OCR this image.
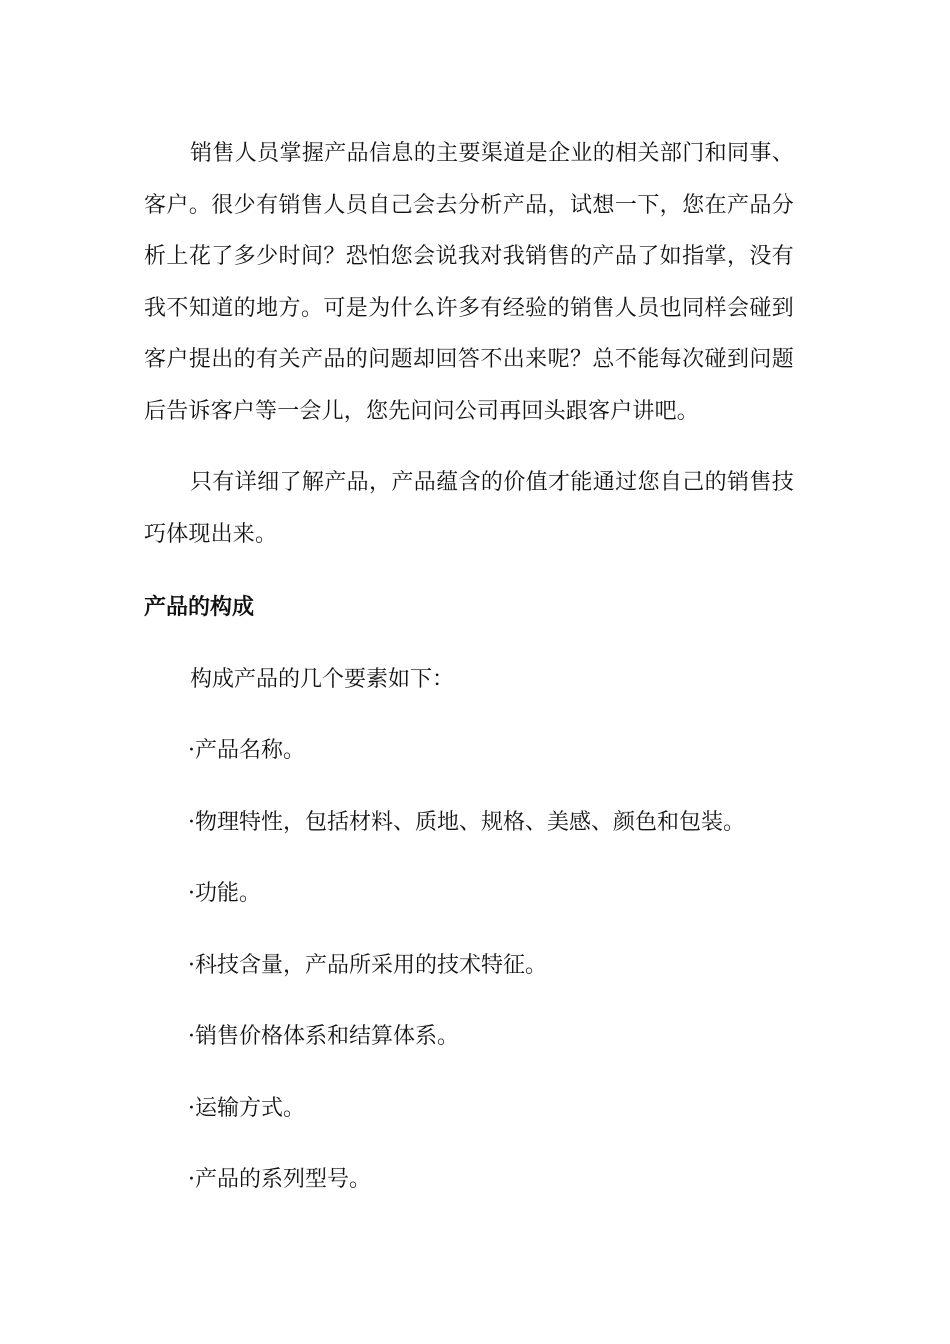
销售人员掌握产品信息的主要渠道是企业的相关部门和同事、客户。很少有销售人员自己会去分析产品，试想一下，您在产品分析上花了多少时间？恐怕您会说我对我销售的产品了如指掌，没有我不知道的地方。可是为什么许多有经验的销售人员也同样会碰到客户提出的有关产品的问题却回答不出来呢？总不能每次碰到问题后告诉客户等一会儿，您先问问公司再回头跟客户讲吧。

只有详细了解产品，产品蕴含的价值才能通过您自己的销售技巧体现出来。

产品的构成

构成产品的几个要素如下：

·产品名称。
·物理特性，包括材料、质地、规格、美感、颜色和包装。
·功能。
·科技含量，产品所采用的技术特征。
·销售价格体系和结算体系。
·运输方式。
·产品的系列型号。
